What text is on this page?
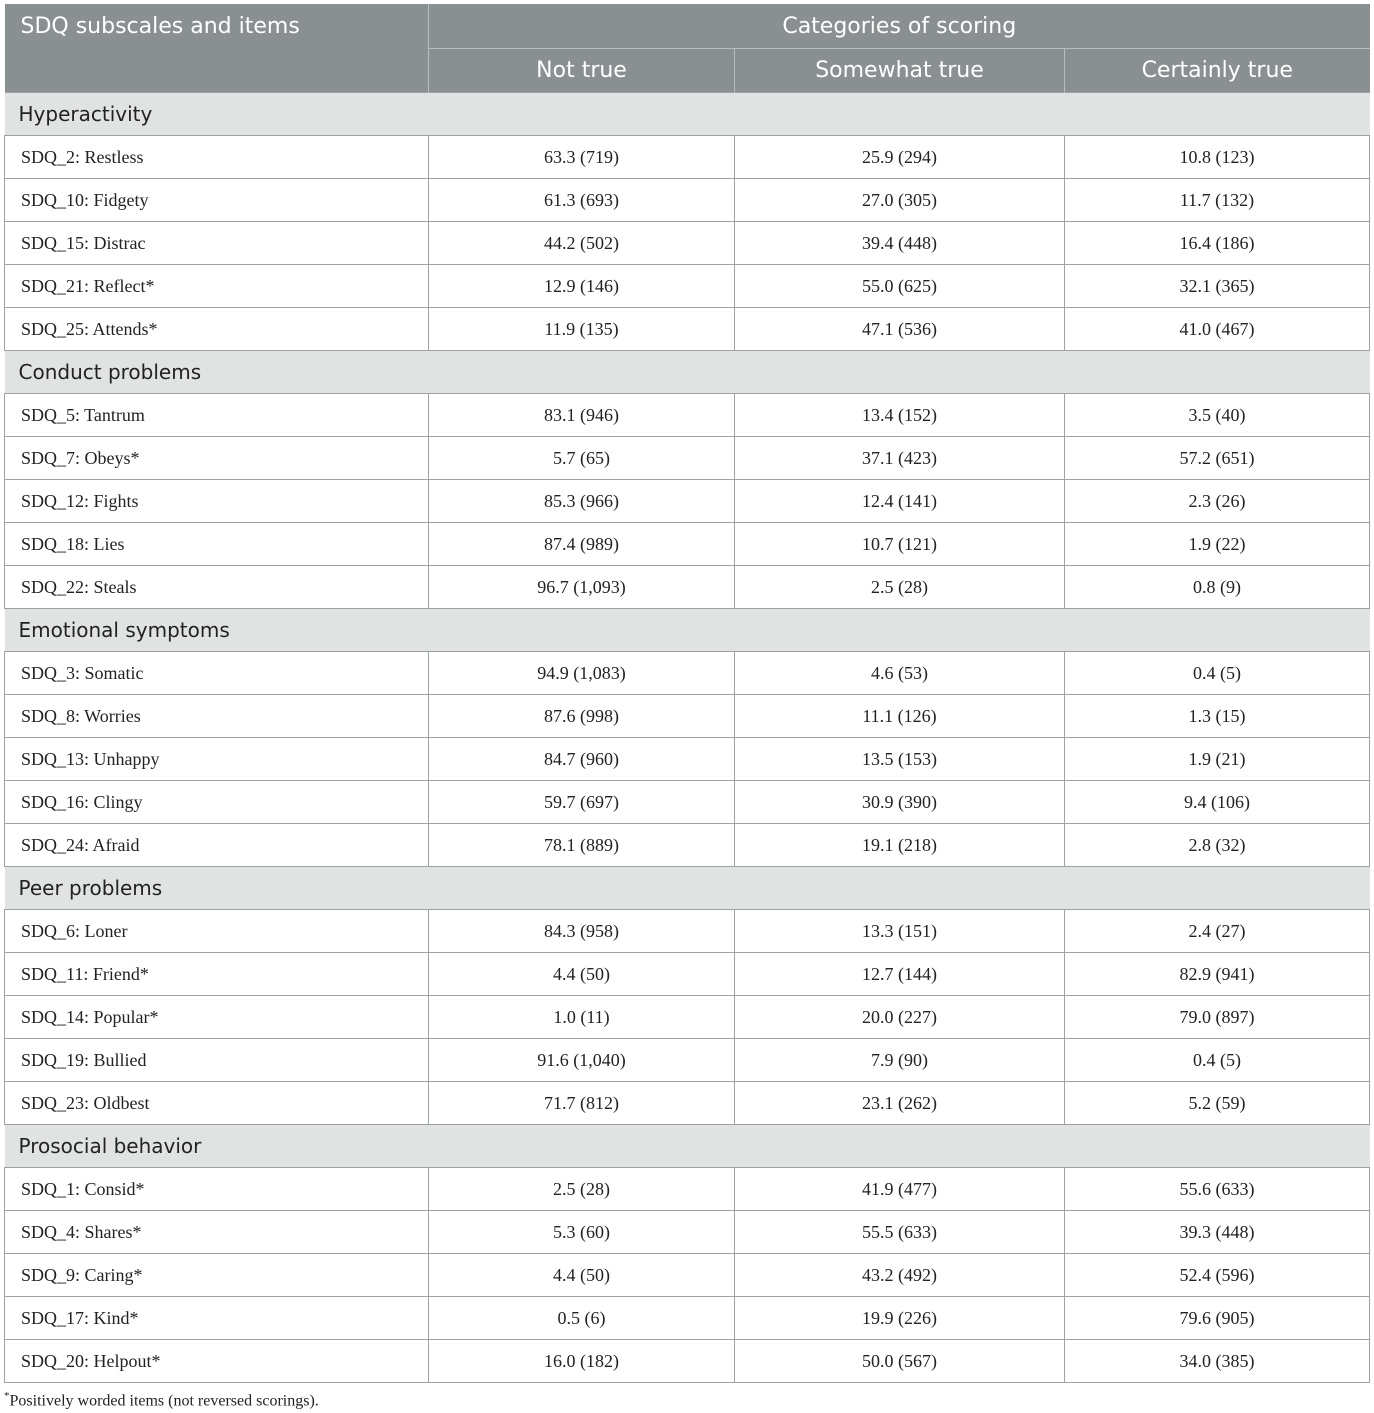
SDQ subscales and items	Categories of scoring		
	Not true	Somewhat true	Certainly true
Hyperactivity			
SDQ_2: Restless	63.3 (719)	25.9 (294)	10.8 (123)
SDQ_10: Fidgety	61.3 (693)	27.0 (305)	11.7 (132)
SDQ_15: Distrac	44.2 (502)	39.4 (448)	16.4 (186)
SDQ_21: Reflect*	12.9 (146)	55.0 (625)	32.1 (365)
SDQ_25: Attends*	11.9 (135)	47.1 (536)	41.0 (467)
Conduct problems			
SDQ_5: Tantrum	83.1 (946)	13.4 (152)	3.5 (40)
SDQ_7: Obeys*	5.7 (65)	37.1 (423)	57.2 (651)
SDQ_12: Fights	85.3 (966)	12.4 (141)	2.3 (26)
SDQ_18: Lies	87.4 (989)	10.7 (121)	1.9 (22)
SDQ_22: Steals	96.7 (1,093)	2.5 (28)	0.8 (9)
Emotional symptoms			
SDQ_3: Somatic	94.9 (1,083)	4.6 (53)	0.4 (5)
SDQ_8: Worries	87.6 (998)	11.1 (126)	1.3 (15)
SDQ_13: Unhappy	84.7 (960)	13.5 (153)	1.9 (21)
SDQ_16: Clingy	59.7 (697)	30.9 (390)	9.4 (106)
SDQ_24: Afraid	78.1 (889)	19.1 (218)	2.8 (32)
Peer problems			
SDQ_6: Loner	84.3 (958)	13.3 (151)	2.4 (27)
SDQ_11: Friend*	4.4 (50)	12.7 (144)	82.9 (941)
SDQ_14: Popular*	1.0 (11)	20.0 (227)	79.0 (897)
SDQ_19: Bullied	91.6 (1,040)	7.9 (90)	0.4 (5)
SDQ_23: Oldbest	71.7 (812)	23.1 (262)	5.2 (59)
Prosocial behavior			
SDQ_1: Consid*	2.5 (28)	41.9 (477)	55.6 (633)
SDQ_4: Shares*	5.3 (60)	55.5 (633)	39.3 (448)
SDQ_9: Caring*	4.4 (50)	43.2 (492)	52.4 (596)
SDQ_17: Kind*	0.5 (6)	19.9 (226)	79.6 (905)
SDQ_20: Helpout*	16.0 (182)	50.0 (567)	34.0 (385)
*Positively worded items (not reversed scorings).
